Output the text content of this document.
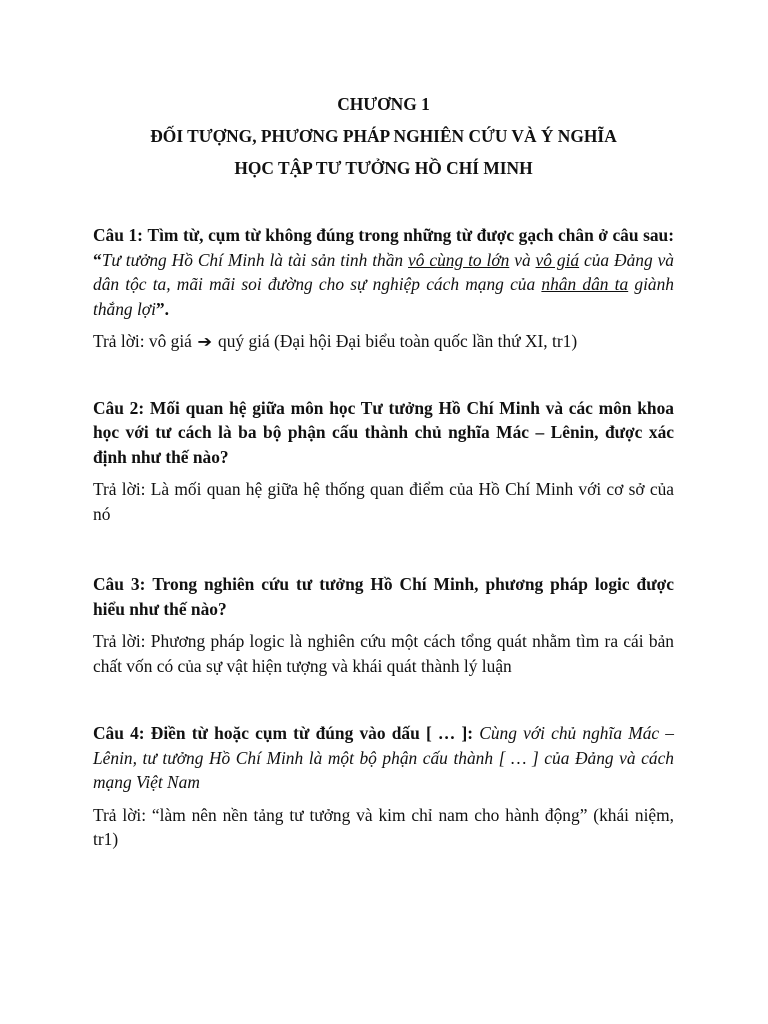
CHƯƠNG 1

ĐỐI TƯỢNG, PHƯƠNG PHÁP NGHIÊN CỨU VÀ Ý NGHĨA

HỌC TẬP TƯ TƯỞNG HỒ CHÍ MINH

Câu 1: Tìm từ, cụm từ không đúng trong những từ được gạch chân ở câu sau: “Tư tưởng Hồ Chí Minh là tài sản tinh thần vô cùng to lớn và vô giá của Đảng và dân tộc ta, mãi mãi soi đường cho sự nghiệp cách mạng của nhân dân ta giành thắng lợi”.

Trả lời: vô giá ➔ quý giá (Đại hội Đại biểu toàn quốc lần thứ XI, tr1)

Câu 2: Mối quan hệ giữa môn học Tư tưởng Hồ Chí Minh và các môn khoa học với tư cách là ba bộ phận cấu thành chủ nghĩa Mác – Lênin, được xác định như thế nào?

Trả lời: Là mối quan hệ giữa hệ thống quan điểm của Hồ Chí Minh với cơ sở của nó

Câu 3: Trong nghiên cứu tư tưởng Hồ Chí Minh, phương pháp logic được hiểu như thế nào?

Trả lời: Phương pháp logic là nghiên cứu một cách tổng quát nhằm tìm ra cái bản chất vốn có của sự vật hiện tượng và khái quát thành lý luận

Câu 4: Điền từ hoặc cụm từ đúng vào dấu [ … ]: Cùng với chủ nghĩa Mác – Lênin, tư tưởng Hồ Chí Minh là một bộ phận cấu thành [ … ] của Đảng và cách mạng Việt Nam

Trả lời: “làm nên nền tảng tư tưởng và kim chỉ nam cho hành động” (khái niệm, tr1)
